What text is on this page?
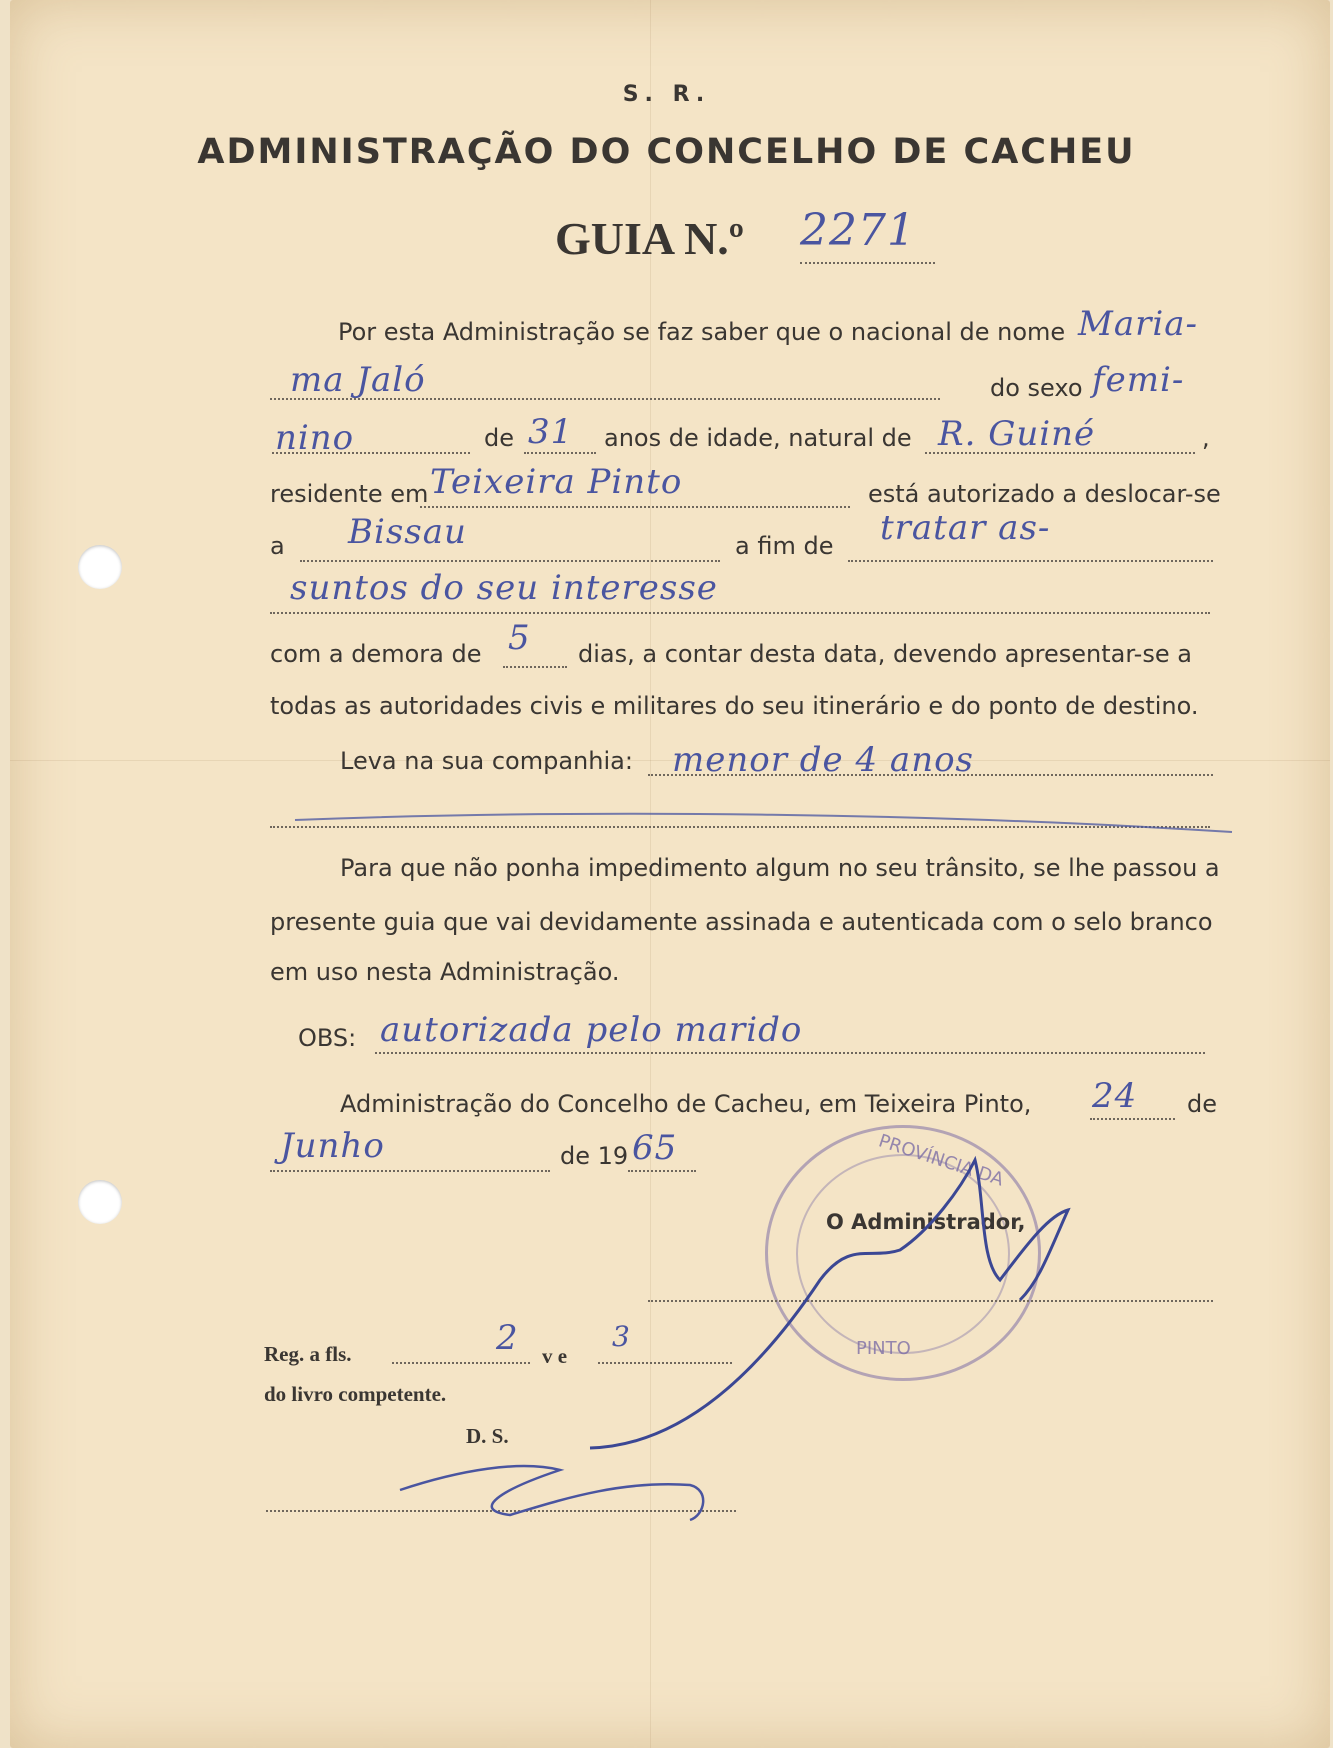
S. R.
ADMINISTRAÇÃO DO CONCELHO DE CACHEU
GUIA N.º 2271
Por esta Administração se faz saber que o nacional de nome Maria-
ma Jaló	do sexo femi-
nino	de 31 anos de idade, natural de R. Guiné	,
residente em Teixeira Pinto	está autorizado a deslocar-se
a Bissau	a fim de tratar as-
suntos do seu interesse
com a demora de 5 dias, a contar desta data, devendo apresentar-se a
todas as autoridades civis e militares do seu itinerário e do ponto de destino.
Leva na sua companhia: menor de 4 anos
Para que não ponha impedimento algum no seu trânsito, se lhe passou a
presente guia que vai devidamente assinada e autenticada com o selo branco
em uso nesta Administração.
OBS: autorizada pelo marido
Administração do Concelho de Cacheu, em Teixeira Pinto, 24 de
Junho	de 19 65	PROVÍNCIA DA
PINTO
O Administrador,
Reg. a fls.	2 v e
3
do livro competente.
D. S.
